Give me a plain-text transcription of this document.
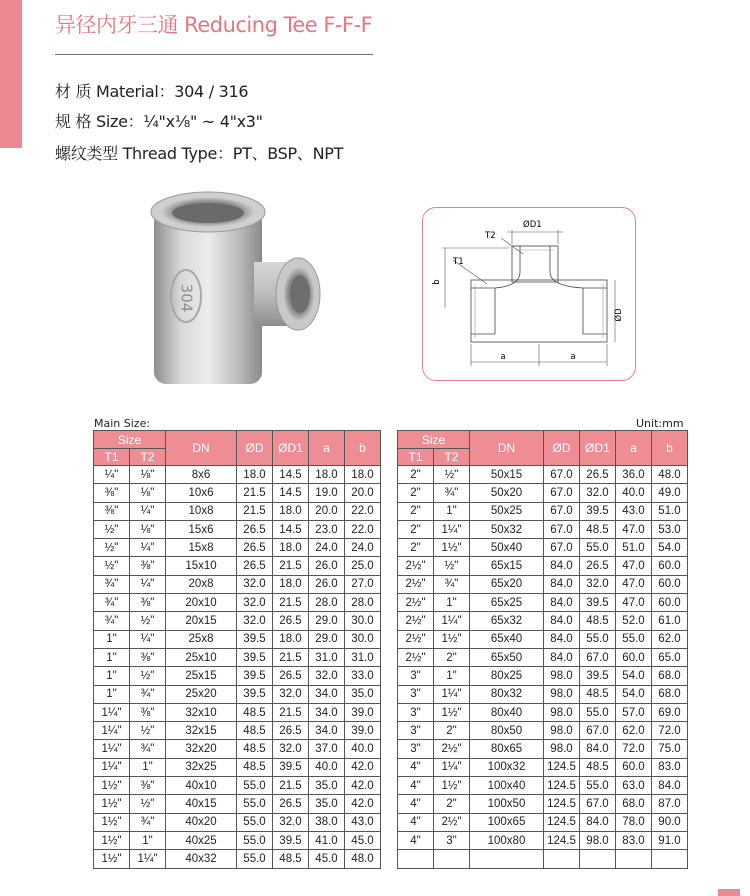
异径内牙三通 Reducing Tee F-F-F
材 质 Material：304 / 316
规 格 Size：¼"x⅛" ~ 4"x3"
螺纹类型 Thread Type：PT、BSP、NPT
304
ØD1
ØD
T1
T2
b
a	a
Main Size:	Unit:mm
Size		DN	ØD	ØD1	a	b
T1	T2					
¼"	⅛"	8x6	18.0	14.5	18.0	18.0
⅜"	⅛"	10x6	21.5	14.5	19.0	20.0
⅜"	¼"	10x8	21.5	18.0	20.0	22.0
½"	⅛"	15x6	26.5	14.5	23.0	22.0
½"	¼"	15x8	26.5	18.0	24.0	24.0
½"	⅜"	15x10	26.5	21.5	26.0	25.0
¾"	¼"	20x8	32.0	18.0	26.0	27.0
¾"	⅜"	20x10	32.0	21.5	28.0	28.0
¾"	½"	20x15	32.0	26.5	29.0	30.0
1"	¼"	25x8	39.5	18.0	29.0	30.0
1"	⅜"	25x10	39.5	21.5	31.0	31.0
1"	½"	25x15	39.5	26.5	32.0	33.0
1"	¾"	25x20	39.5	32.0	34.0	35.0
1¼"	⅜"	32x10	48.5	21.5	34.0	39.0
1¼"	½"	32x15	48.5	26.5	34.0	39.0
1¼"	¾"	32x20	48.5	32.0	37.0	40.0
1¼"	1"	32x25	48.5	39.5	40.0	42.0
1½"	⅜"	40x10	55.0	21.5	35.0	42.0
1½"	½"	40x15	55.0	26.5	35.0	42.0
1½"	¾"	40x20	55.0	32.0	38.0	43.0
1½"	1"	40x25	55.0	39.5	41.0	45.0
1½"	1¼"	40x32	55.0	48.5	45.0	48.0
Size		DN	ØD	ØD1	a	b
T1	T2					
2"	½"	50x15	67.0	26.5	36.0	48.0
2"	¾"	50x20	67.0	32.0	40.0	49.0
2"	1"	50x25	67.0	39.5	43.0	51.0
2"	1¼"	50x32	67.0	48.5	47.0	53.0
2"	1½"	50x40	67.0	55.0	51.0	54.0
2½"	½"	65x15	84.0	26.5	47.0	60.0
2½"	¾"	65x20	84.0	32.0	47.0	60.0
2½"	1"	65x25	84.0	39.5	47.0	60.0
2½"	1¼"	65x32	84.0	48.5	52.0	61.0
2½"	1½"	65x40	84.0	55.0	55.0	62.0
2½"	2"	65x50	84.0	67.0	60.0	65.0
3"	1"	80x25	98.0	39.5	54.0	68.0
3"	1¼"	80x32	98.0	48.5	54.0	68.0
3"	1½"	80x40	98.0	55.0	57.0	69.0
3"	2"	80x50	98.0	67.0	62.0	72.0
3"	2½"	80x65	98.0	84.0	72.0	75.0
4"	1¼"	100x32	124.5	48.5	60.0	83.0
4"	1½"	100x40	124.5	55.0	63.0	84.0
4"	2"	100x50	124.5	67.0	68.0	87.0
4"	2½"	100x65	124.5	84.0	78.0	90.0
4"	3"	100x80	124.5	98.0	83.0	91.0
